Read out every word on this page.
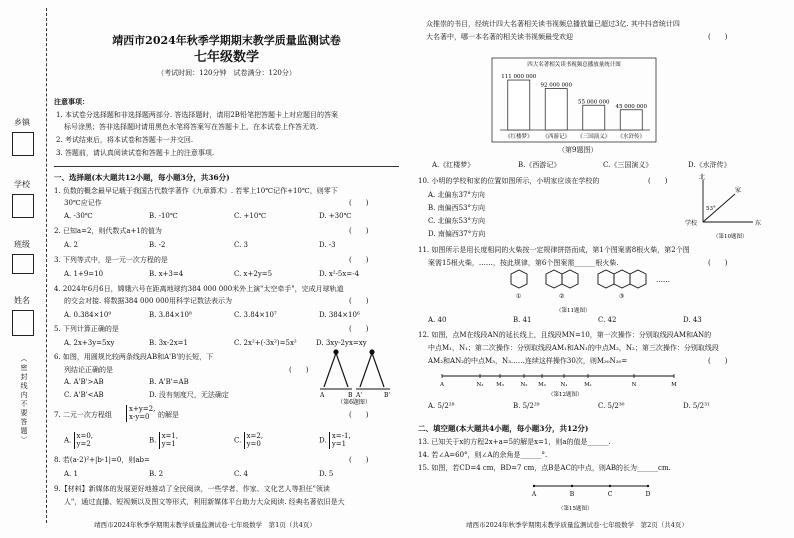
乡镇
学校
班级
姓名
（密封线内不要答题）
靖西市2024年秋季学期期末教学质量监测试卷
七年级数学
（考试时间：120分钟　试卷满分：120分）
注意事项：
1. 本试卷分选择题和非选择题两部分. 答选择题时，请用2B铅笔把答题卡上对应题目的答案
标号涂黑；答非选择题时请用黑色水笔将答案写在答题卡上，在本试卷上作答无效.
2. 考试结束后，将本试卷和答题卡一并交回.
3. 答题前，请认真阅读试卷和答题卡上的注意事项.
一、选择题(本大题共12小题，每小题3分，共36分)
1. 负数的概念最早记载于我国古代数学著作《九章算术》. 若零上10℃记作+10℃，则零下
30℃应记作	(　　)
A. -30℃	B. -10℃	C. +10℃	D. +30℃
2. 已知a=2，则代数式a+1的值为	(　　)
A. 2	B. -2	C. 3	D. -3
3. 下列等式中，是一元一次方程的是	(　　)
A. 1+9=10	B. x+3=4	C. x+2y=5	D. x²-5x=-4
4. 2024年6月6日，嫦娥六号在距离地球约384 000 000米外上演"太空牵手"，完成月球轨道
的交会对接. 将数据384 000 000用科学记数法表示为	(　　)
A. 0.384×10⁹	B. 3.84×10⁸	C. 3.84×10⁷	D. 384×10⁶
5. 下列计算正确的是	(　　)
A. 2x+3y=5xy	B. 3x-2x=1	C. 2x²+(-3x²)=5x²	D. 3xy-2yx=xy
6. 如图，用圆规比较两条线段AB和A'B'的长短，下
列结论正确的是	(　　)
A. A'B'>AB	B. A'B'=AB
C. A'B'<AB	D. 没有刻度尺，无法确定	A	B A'	B'
（第6题图）
7. 二元一次方程组
x+y=2,
x-y=0	的解是	(　　)
A.
x=0,
y=2	B.
x=1,
y=1	C.
x=2,
y=0	D.
x=-1,
y=1
8. 若(a-2)²+|b-1|=0，则ab=	(　　)
A. 1	B. 2	C. 4	D. 5
9.【材料】新媒体的发展更好地推动了全民阅读，一些学者、作家、文化艺人等担任"领读
人"，通过直播、短视频以及图文等形式，利用新媒体平台助力大众阅读. 经典名著依旧是大
靖西市2024年秋季学期期末教学质量监测试卷·七年级数学　第1页（共4页）
众推崇的书目，经统计四大名著相关读书视频总播放量已超过3亿. 其中抖音统计四
大名著中，哪一本名著的相关读书视频最受欢迎	(　　)
四大名著相关读书视频总播放量统计图
111 000 000
《红楼梦》
92 000 000
《西游记》
55 000 000
《三国演义》
45 000 000
《水浒传》
（第9题图）
A.《红楼梦》	B.《西游记》	C.《三国演义》	D.《水浒传》
10. 小明的学校和家的位置如图所示，小明家应该在学校的	(　　)
A. 北偏东37°方向
B. 南偏西53°方向
C. 北偏东53°方向
D. 南偏西37°方向
北
东
家
学校
53°
（第10题图）
11. 如图所示是用长度相同的火柴按一定规律拼搭而成，第1个图案需8根火柴，第2个图
案需15根火柴，……，按此规律，第6个图案需______根火柴.	(　　)
①	②	③
……
（第11题图）
A. 40	B. 41	C. 42	D. 43
12. 如图，点M在线段AN的延长线上，且线段MN=10，第一次操作：分别取线段AM和AN的
中点M₁，N₁；第二次操作：分别取线段AM₁和AN₁的中点M₂，N₂；第三次操作：分别取线段
AM₂和AN₂的中点M₃，N₃……连续这样操作30次，则M₃₀N₃₀=	(　　)
A	N₃ M₃	N₂ M₂	N₁	M₁	N	M
（第12题图）
A. 5/2²⁸	B. 5/2²⁹	C. 5/2³⁰	D. 5/2³¹
二、填空题(本大题共4小题，每小题3分，共12分)
13. 已知关于x的方程2x+a=5的解是x=1，则a的值是______.
14. 若∠A=60°，则∠A的余角是______°.
15. 如图，若CD=4 cm，BD=7 cm，点B是AC的中点，则AB的长为______cm.
A	B	C	D
（第15题图）
靖西市2024年秋季学期期末教学质量监测试卷·七年级数学　第2页（共4页）
